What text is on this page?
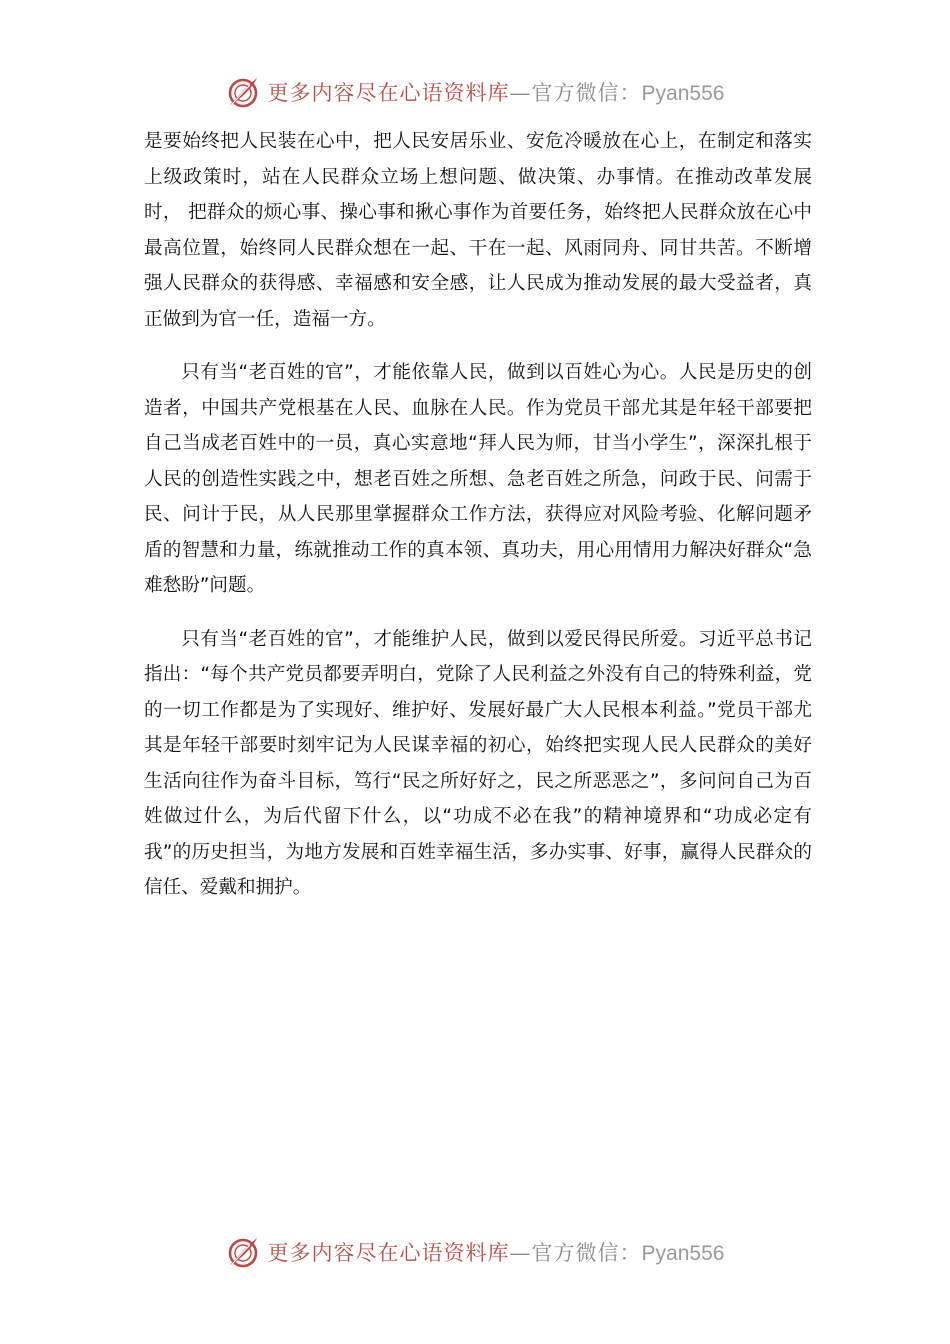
更多内容尽在心语资料库—官方微信：Pyan556

是要始终把人民装在心中，把人民安居乐业、安危冷暖放在心上，在制定和落实上级政策时，站在人民群众立场上想问题、做决策、办事情。在推动改革发展时， 把群众的烦心事、操心事和揪心事作为首要任务，始终把人民群众放在心中最高位置，始终同人民群众想在一起、干在一起、风雨同舟、同甘共苦。不断增强人民群众的获得感、幸福感和安全感，让人民成为推动发展的最大受益者，真正做到为官一任，造福一方。

只有当“老百姓的官”，才能依靠人民，做到以百姓心为心。人民是历史的创造者，中国共产党根基在人民、血脉在人民。作为党员干部尤其是年轻干部要把自己当成老百姓中的一员，真心实意地“拜人民为师，甘当小学生”，深深扎根于人民的创造性实践之中，想老百姓之所想、急老百姓之所急，问政于民、问需于民、问计于民，从人民那里掌握群众工作方法，获得应对风险考验、化解问题矛盾的智慧和力量，练就推动工作的真本领、真功夫，用心用情用力解决好群众“急难愁盼”问题。

只有当“老百姓的官”，才能维护人民，做到以爱民得民所爱。习近平总书记指出：“每个共产党员都要弄明白，党除了人民利益之外没有自己的特殊利益，党的一切工作都是为了实现好、维护好、发展好最广大人民根本利益。”党员干部尤其是年轻干部要时刻牢记为人民谋幸福的初心，始终把实现人民人民群众的美好生活向往作为奋斗目标，笃行“民之所好好之，民之所恶恶之”，多问问自己为百姓做过什么，为后代留下什么，以“功成不必在我”的精神境界和“功成必定有我”的历史担当，为地方发展和百姓幸福生活，多办实事、好事，赢得人民群众的信任、爱戴和拥护。

更多内容尽在心语资料库—官方微信：Pyan556
